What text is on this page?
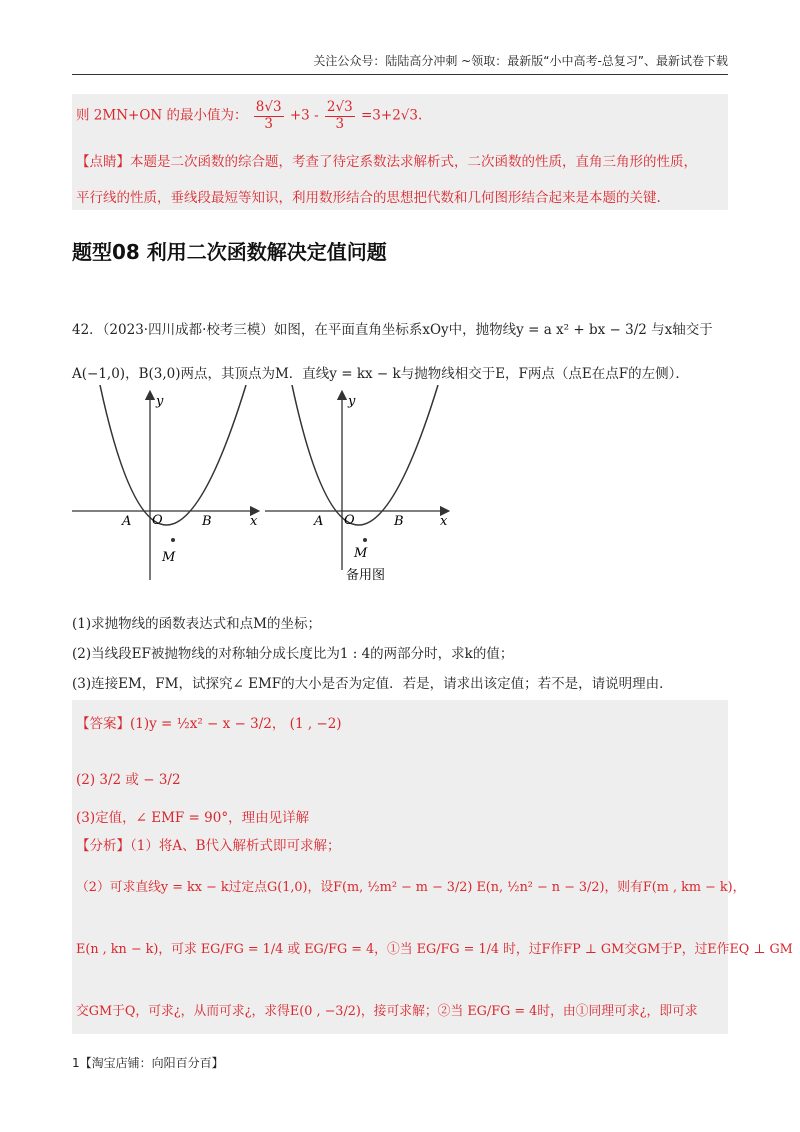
关注公众号：陆陆高分冲刺 ~领取：最新版“小中高考-总复习”、最新试卷下载
则 2MN+ON 的最小值为： $\frac{8√3}{3} +3 - \frac{2√3}{3} =3+2√3$.
【点睛】本题是二次函数的综合题，考查了待定系数法求解析式，二次函数的性质，直角三角形的性质，
平行线的性质，垂线段最短等知识，利用数形结合的思想把代数和几何图形结合起来是本题的关键.
题型08 利用二次函数解决定值问题
42．（2023·四川成都·校考三模）如图，在平面直角坐标系xOy中，抛物线y = a x² + bx − 3/2 与x轴交于
A(−1,0)，B(3,0)两点，其顶点为M．直线y = kx − k与抛物线相交于E，F两点（点E在点F的左侧）．
y
x
A O	B
M
y
x
A O	B
M
备用图
(1)求抛物线的函数表达式和点M的坐标；
(2)当线段EF被抛物线的对称轴分成长度比为1 : 4的两部分时，求k的值；
(3)连接EM，FM，试探究∠ EMF的大小是否为定值．若是，请求出该定值；若不是，请说明理由．
【答案】(1)y = ½x² − x − 3/2， (1 , −2)
(2) 3/2 或 − 3/2
(3)定值，∠ EMF = 90°，理由见详解
【分析】（1）将A、B代入解析式即可求解；
（2）可求直线y = kx − k过定点G(1,0)，设F(m, ½m² − m − 3/2) E(n, ½n² − n − 3/2)，则有F(m , km − k)，
E(n , kn − k)，可求 EG/FG = 1/4 或 EG/FG = 4，①当 EG/FG = 1/4 时，过F作FP ⊥ GM交GM于P，过E作EQ ⊥ GM
交GM于Q，可求¿，从而可求¿，求得E(0 , −3/2)，接可求解；②当 EG/FG = 4时，由①同理可求¿，即可求
1【淘宝店铺：向阳百分百】
